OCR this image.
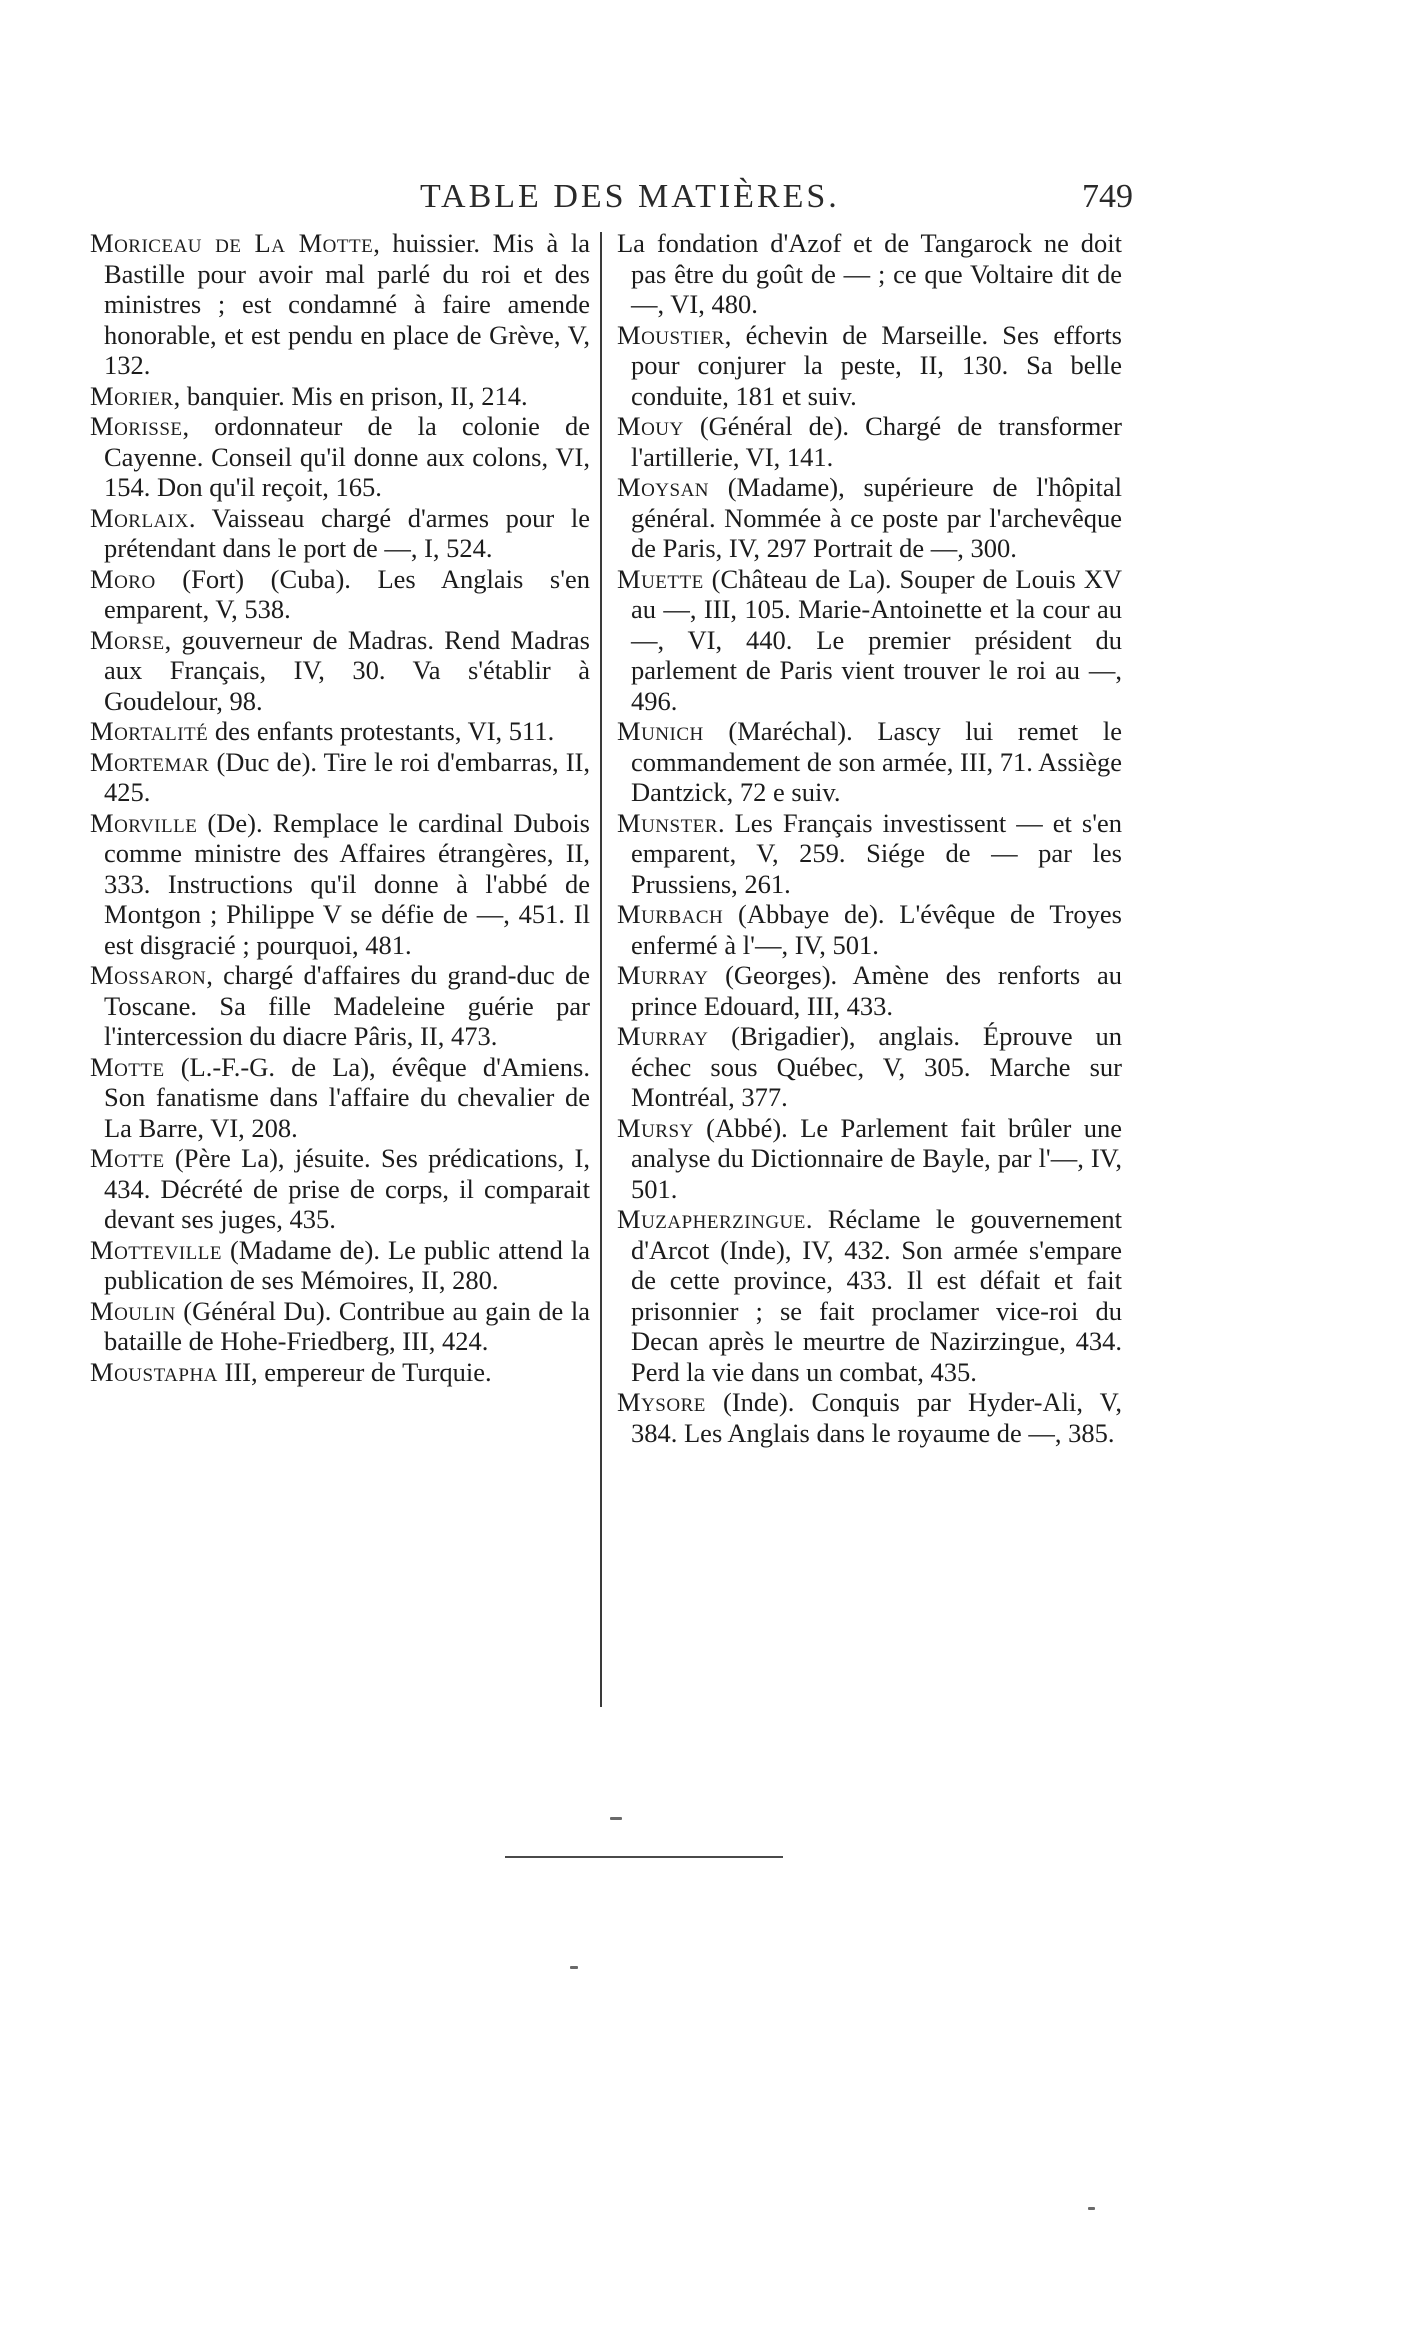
TABLE DES MATIÈRES.	749

Moriceau de La Motte, huissier. Mis à la Bastille pour avoir mal parlé du roi et des ministres ; est condamné à faire amende honorable, et est pendu en place de Grève, V, 132.

Morier, banquier. Mis en prison, II, 214.

Morisse, ordonnateur de la colonie de Cayenne. Conseil qu'il donne aux colons, VI, 154. Don qu'il reçoit, 165.

Morlaix. Vaisseau chargé d'armes pour le prétendant dans le port de —, I, 524.

Moro (Fort) (Cuba). Les Anglais s'en emparent, V, 538.

Morse, gouverneur de Madras. Rend Madras aux Français, IV, 30. Va s'établir à Goudelour, 98.

Mortalité des enfants protestants, VI, 511.

Mortemar (Duc de). Tire le roi d'embarras, II, 425.

Morville (De). Remplace le cardinal Dubois comme ministre des Affaires étrangères, II, 333. Instructions qu'il donne à l'abbé de Montgon ; Philippe V se défie de —, 451. Il est disgracié ; pourquoi, 481.

Mossaron, chargé d'affaires du grand-duc de Toscane. Sa fille Madeleine guérie par l'intercession du diacre Pâris, II, 473.

Motte (L.-F.-G. de La), évêque d'Amiens. Son fanatisme dans l'affaire du chevalier de La Barre, VI, 208.

Motte (Père La), jésuite. Ses prédications, I, 434. Décrété de prise de corps, il comparait devant ses juges, 435.

Motteville (Madame de). Le public attend la publication de ses Mémoires, II, 280.

Moulin (Général Du). Contribue au gain de la bataille de Hohe-Friedberg, III, 424.

Moustapha III, empereur de Turquie.

La fondation d'Azof et de Tangarock ne doit pas être du goût de — ; ce que Voltaire dit de —, VI, 480.

Moustier, échevin de Marseille. Ses efforts pour conjurer la peste, II, 130. Sa belle conduite, 181 et suiv.

Mouy (Général de). Chargé de transformer l'artillerie, VI, 141.

Moysan (Madame), supérieure de l'hôpital général. Nommée à ce poste par l'archevêque de Paris, IV, 297 Portrait de —, 300.

Muette (Château de La). Souper de Louis XV au —, III, 105. Marie-Antoinette et la cour au —, VI, 440. Le premier président du parlement de Paris vient trouver le roi au —, 496.

Munich (Maréchal). Lascy lui remet le commandement de son armée, III, 71. Assiège Dantzick, 72 e suiv.

Munster. Les Français investissent — et s'en emparent, V, 259. Siége de — par les Prussiens, 261.

Murbach (Abbaye de). L'évêque de Troyes enfermé à l'—, IV, 501.

Murray (Georges). Amène des renforts au prince Edouard, III, 433.

Murray (Brigadier), anglais. Éprouve un échec sous Québec, V, 305. Marche sur Montréal, 377.

Mursy (Abbé). Le Parlement fait brûler une analyse du Dictionnaire de Bayle, par l'—, IV, 501.

Muzapherzingue. Réclame le gouvernement d'Arcot (Inde), IV, 432. Son armée s'empare de cette province, 433. Il est défait et fait prisonnier ; se fait proclamer vice-roi du Decan après le meurtre de Nazirzingue, 434. Perd la vie dans un combat, 435.

Mysore (Inde). Conquis par Hyder-Ali, V, 384. Les Anglais dans le royaume de —, 385.
